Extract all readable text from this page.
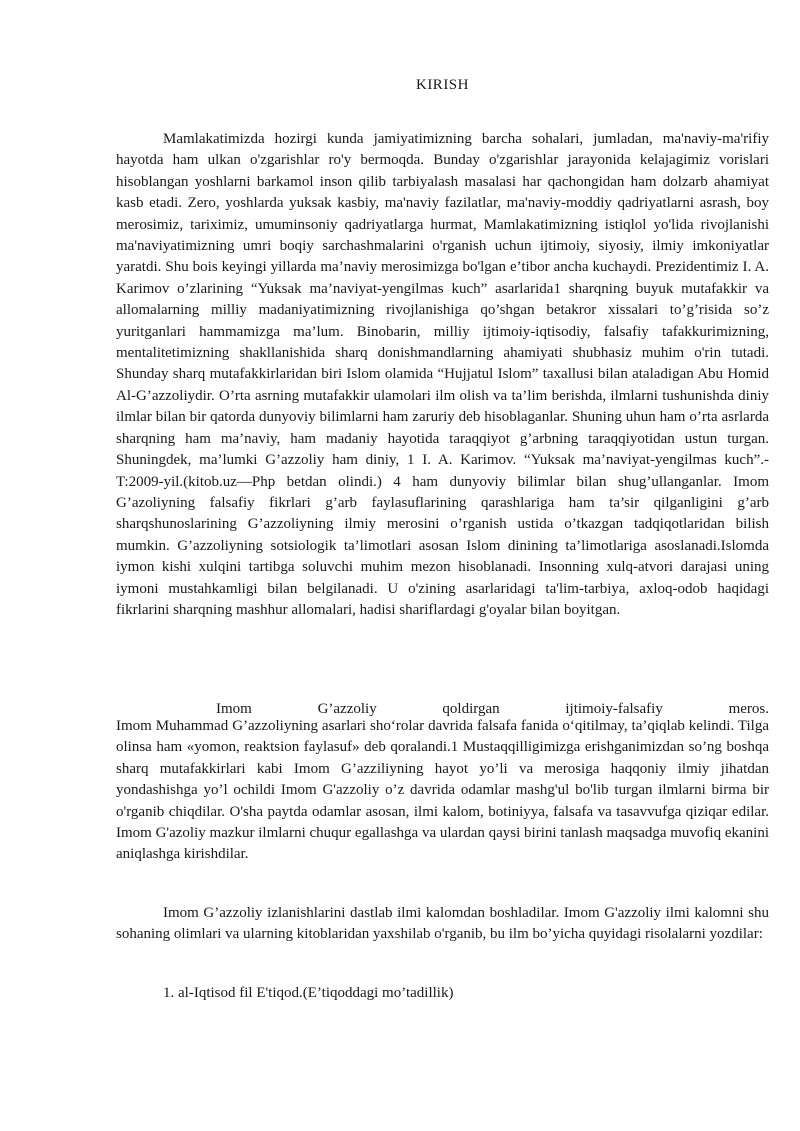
KIRISH

Mamlakatimizda hozirgi kunda jamiyatimizning barcha sohalari, jumladan, ma'naviy-ma'rifiy hayotda ham ulkan o'zgarishlar ro'y bermoqda. Bunday o'zgarishlar jarayonida kelajagimiz vorislari hisoblangan yoshlarni barkamol inson qilib tarbiyalash masalasi har qachongidan ham dolzarb ahamiyat kasb etadi. Zero, yoshlarda yuksak kasbiy, ma'naviy fazilatlar, ma'naviy-moddiy qadriyatlarni asrash, boy merosimiz, tariximiz, umuminsoniy qadriyatlarga hurmat, Mamlakatimizning istiqlol yo'lida rivojlanishi ma'naviyatimizning umri boqiy sarchashmalarini o'rganish uchun ijtimoiy, siyosiy, ilmiy imkoniyatlar yaratdi. Shu bois keyingi yillarda ma’naviy merosimizga bo'lgan e’tibor ancha kuchaydi. Prezidentimiz I. A. Karimov o’zlarining “Yuksak ma’naviyat-yengilmas kuch” asarlarida1 sharqning buyuk mutafakkir va allomalarning milliy madaniyatimizning rivojlanishiga qo’shgan betakror xissalari to’g’risida so’z yuritganlari hammamizga ma’lum. Binobarin, milliy ijtimoiy-iqtisodiy, falsafiy tafakkurimizning, mentalitetimizning shakllanishida sharq donishmandlarning ahamiyati shubhasiz muhim o'rin tutadi. Shunday sharq mutafakkirlaridan biri Islom olamida “Hujjatul Islom” taxallusi bilan ataladigan Abu Homid Al-G’azzoliydir. O’rta asrning mutafakkir ulamolari ilm olish va ta’lim berishda, ilmlarni tushunishda diniy ilmlar bilan bir qatorda dunyoviy bilimlarni ham zaruriy deb hisoblaganlar. Shuning uhun ham o’rta asrlarda sharqning ham ma’naviy, ham madaniy hayotida taraqqiyot g’arbning taraqqiyotidan ustun turgan. Shuningdek, ma’lumki G’azzoliy ham diniy, 1 I. A. Karimov. “Yuksak ma’naviyat-yengilmas kuch”.- T:2009-yil.(kitob.uz—Php betdan olindi.) 4 ham dunyoviy bilimlar bilan shug’ullanganlar. Imom G’azoliyning falsafiy fikrlari g’arb faylasuflarining qarashlariga ham ta’sir qilganligini g’arb sharqshunoslarining G’azzoliyning ilmiy merosini o’rganish ustida o’tkazgan tadqiqotlaridan bilish mumkin. G’azzoliyning sotsiologik ta’limotlari asosan Islom dinining ta’limotlariga asoslanadi.Islomda iymon kishi xulqini tartibga soluvchi muhim mezon hisoblanadi. Insonning xulq-atvori darajasi uning iymoni mustahkamligi bilan belgilanadi. U o'zining asarlaridagi ta'lim-tarbiya, axloq-odob haqidagi fikrlarini sharqning mashhur allomalari, hadisi shariflardagi g'oyalar bilan boyitgan.

Imom	G’azzoliy	qoldirgan	ijtimoiy-falsafiy	meros.

Imom Muhammad G’azzoliyning asarlari sho‘rolar davrida falsafa fanida o‘qitilmay, ta’qiqlab kelindi. Tilga olinsa ham «yomon, reaktsion faylasuf» deb qoralandi.1 Mustaqqilligimizga erishganimizdan so’ng boshqa sharq mutafakkirlari kabi Imom G’azziliyning hayot yo’li va merosiga haqqoniy ilmiy jihatdan yondashishga yo’l ochildi Imom G'azzoliy o’z davrida odamlar mashg'ul bo'lib turgan ilmlarni birma bir o'rganib chiqdilar. O'sha paytda odamlar asosan, ilmi kalom, botiniyya, falsafa va tasavvufga qiziqar edilar. Imom G'azoliy mazkur ilmlarni chuqur egallashga va ulardan qaysi birini tanlash maqsadga muvofiq ekanini aniqlashga kirishdilar.

Imom G’azzoliy izlanishlarini dastlab ilmi kalomdan boshladilar. Imom G'azzoliy ilmi kalomni shu sohaning olimlari va ularning kitoblaridan yaxshilab o'rganib, bu ilm bo’yicha quyidagi risolalarni yozdilar:

1. al-Iqtisod fil E'tiqod.(E’tiqoddagi mo’tadillik)
